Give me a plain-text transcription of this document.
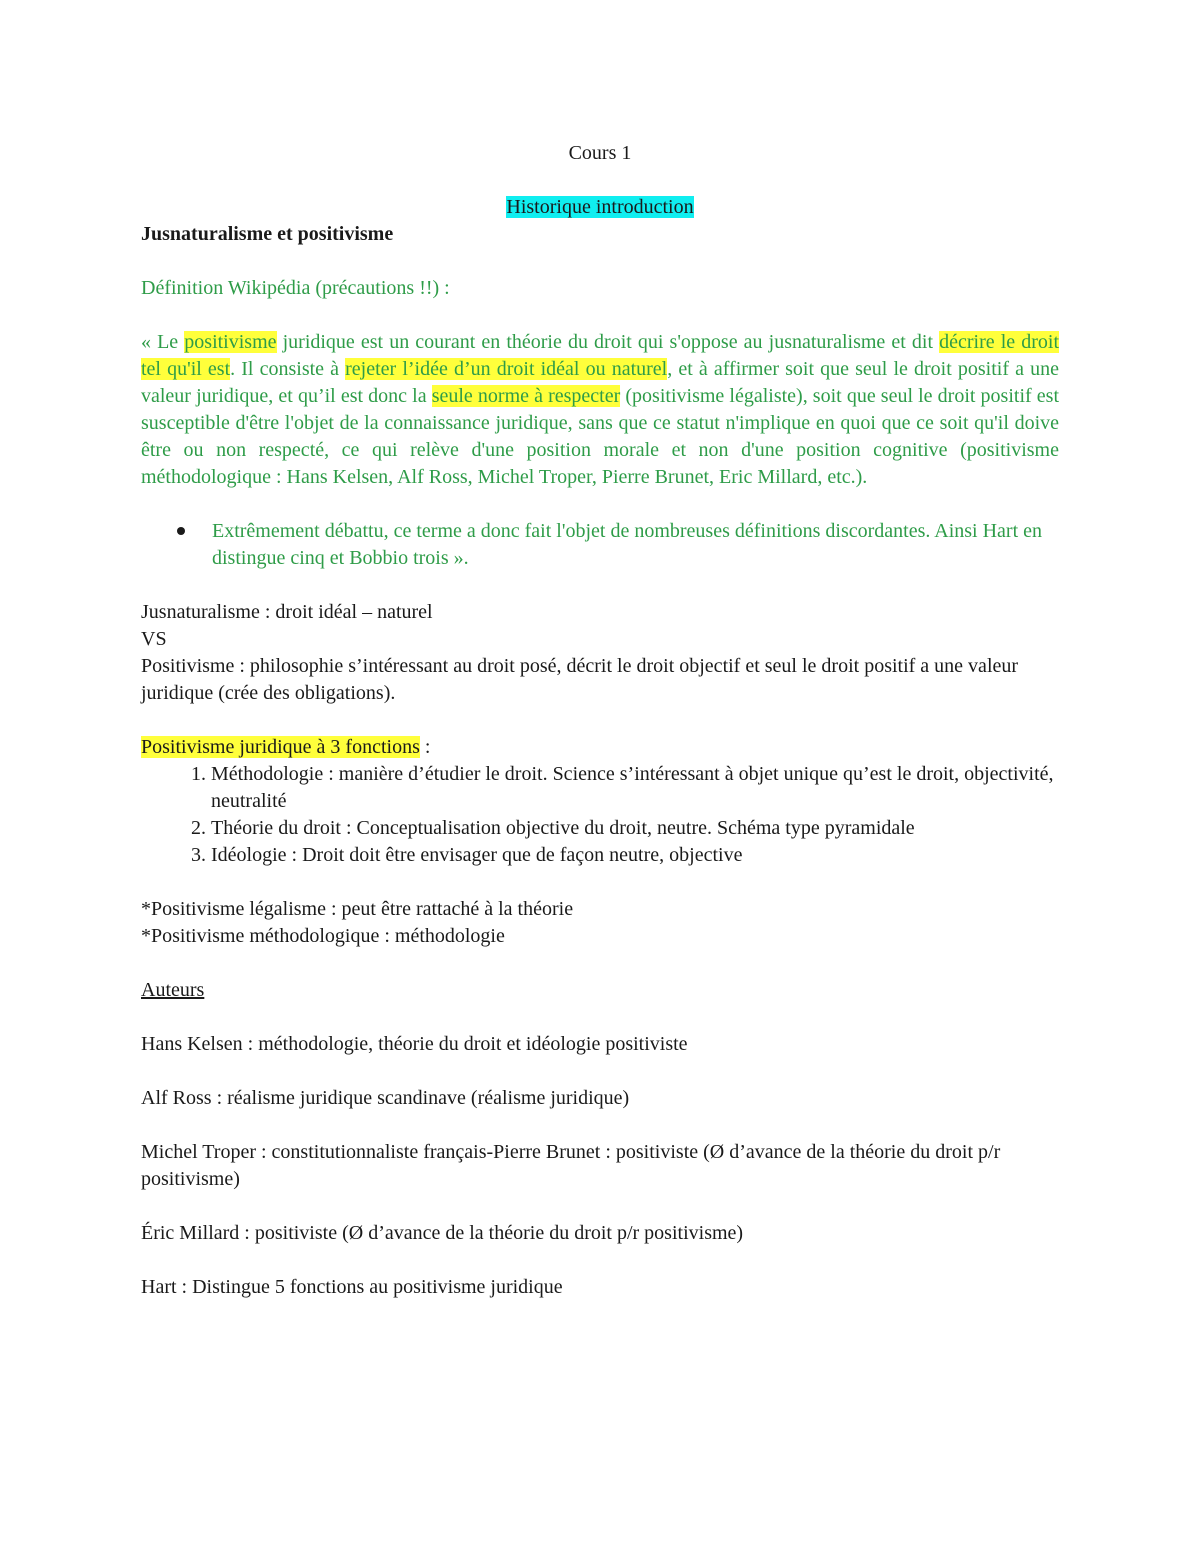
Cours 1

Historique introduction

Jusnaturalisme et positivisme

Définition Wikipédia (précautions !!) :

« Le positivisme juridique est un courant en théorie du droit qui s'oppose au jusnaturalisme et dit décrire le droit tel qu'il est. Il consiste à rejeter l’idée d’un droit idéal ou naturel, et à affirmer soit que seul le droit positif a une valeur juridique, et qu’il est donc la seule norme à respecter (positivisme légaliste), soit que seul le droit positif est susceptible d'être l'objet de la connaissance juridique, sans que ce statut n'implique en quoi que ce soit qu'il doive être ou non respecté, ce qui relève d'une position morale et non d'une position cognitive (positivisme méthodologique : Hans Kelsen, Alf Ross, Michel Troper, Pierre Brunet, Eric Millard, etc.).

Extrêmement débattu, ce terme a donc fait l'objet de nombreuses définitions discordantes. Ainsi Hart en distingue cinq et Bobbio trois ».

Jusnaturalisme : droit idéal – naturel

VS

Positivisme : philosophie s’intéressant au droit posé, décrit le droit objectif et seul le droit positif a une valeur juridique (crée des obligations).

Positivisme juridique à 3 fonctions :

1. Méthodologie : manière d’étudier le droit. Science s’intéressant à objet unique qu’est le droit, objectivité, neutralité
2. Théorie du droit : Conceptualisation objective du droit, neutre. Schéma type pyramidale
3. Idéologie : Droit doit être envisager que de façon neutre, objective

*Positivisme légalisme : peut être rattaché à la théorie

*Positivisme méthodologique : méthodologie

Auteurs

Hans Kelsen : méthodologie, théorie du droit et idéologie positiviste

Alf Ross : réalisme juridique scandinave (réalisme juridique)

Michel Troper : constitutionnaliste français-Pierre Brunet : positiviste (Ø d’avance de la théorie du droit p/r positivisme)

Éric Millard : positiviste (Ø d’avance de la théorie du droit p/r positivisme)

Hart : Distingue 5 fonctions au positivisme juridique
